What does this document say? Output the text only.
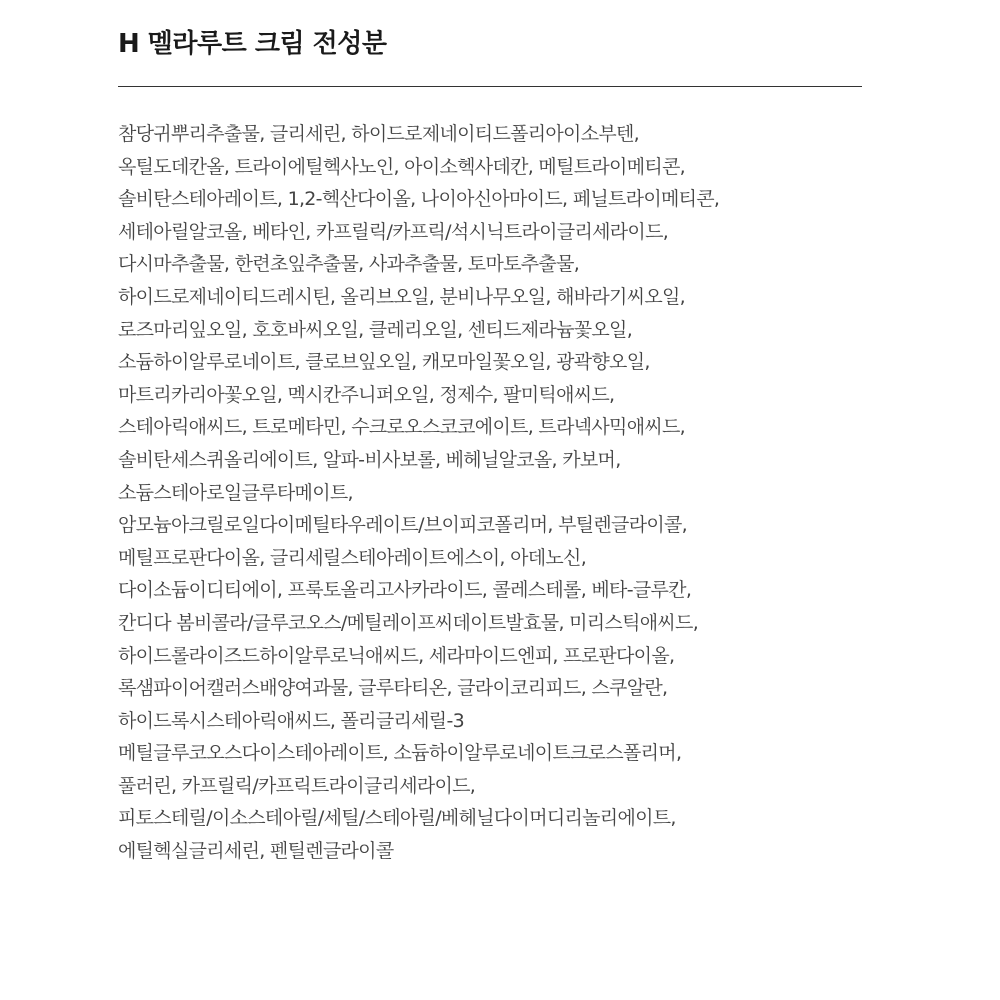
H 멜라루트 크림 전성분
참당귀뿌리추출물, 글리세린, 하이드로제네이티드폴리아이소부텐,
옥틸도데칸올, 트라이에틸헥사노인, 아이소헥사데칸, 메틸트라이메티콘,
솔비탄스테아레이트, 1,2-헥산다이올, 나이아신아마이드, 페닐트라이메티콘,
세테아릴알코올, 베타인, 카프릴릭/카프릭/석시닉트라이글리세라이드,
다시마추출물, 한련초잎추출물, 사과추출물, 토마토추출물,
하이드로제네이티드레시틴, 올리브오일, 분비나무오일, 해바라기씨오일,
로즈마리잎오일, 호호바씨오일, 클레리오일, 센티드제라늄꽃오일,
소듐하이알루로네이트, 클로브잎오일, 캐모마일꽃오일, 광곽향오일,
마트리카리아꽃오일, 멕시칸주니퍼오일, 정제수, 팔미틱애씨드,
스테아릭애씨드, 트로메타민, 수크로오스코코에이트, 트라넥사믹애씨드,
솔비탄세스퀴올리에이트, 알파-비사보롤, 베헤닐알코올, 카보머,
소듐스테아로일글루타메이트,
암모늄아크릴로일다이메틸타우레이트/브이피코폴리머, 부틸렌글라이콜,
메틸프로판다이올, 글리세릴스테아레이트에스이, 아데노신,
다이소듐이디티에이, 프룩토올리고사카라이드, 콜레스테롤, 베타-글루칸,
칸디다 봄비콜라/글루코오스/메틸레이프씨데이트발효물, 미리스틱애씨드,
하이드롤라이즈드하이알루로닉애씨드, 세라마이드엔피, 프로판다이올,
록샘파이어캘러스배양여과물, 글루타티온, 글라이코리피드, 스쿠알란,
하이드록시스테아릭애씨드, 폴리글리세릴-3
메틸글루코오스다이스테아레이트, 소듐하이알루로네이트크로스폴리머,
풀러린, 카프릴릭/카프릭트라이글리세라이드,
피토스테릴/이소스테아릴/세틸/스테아릴/베헤닐다이머디리놀리에이트,
에틸헥실글리세린, 펜틸렌글라이콜
